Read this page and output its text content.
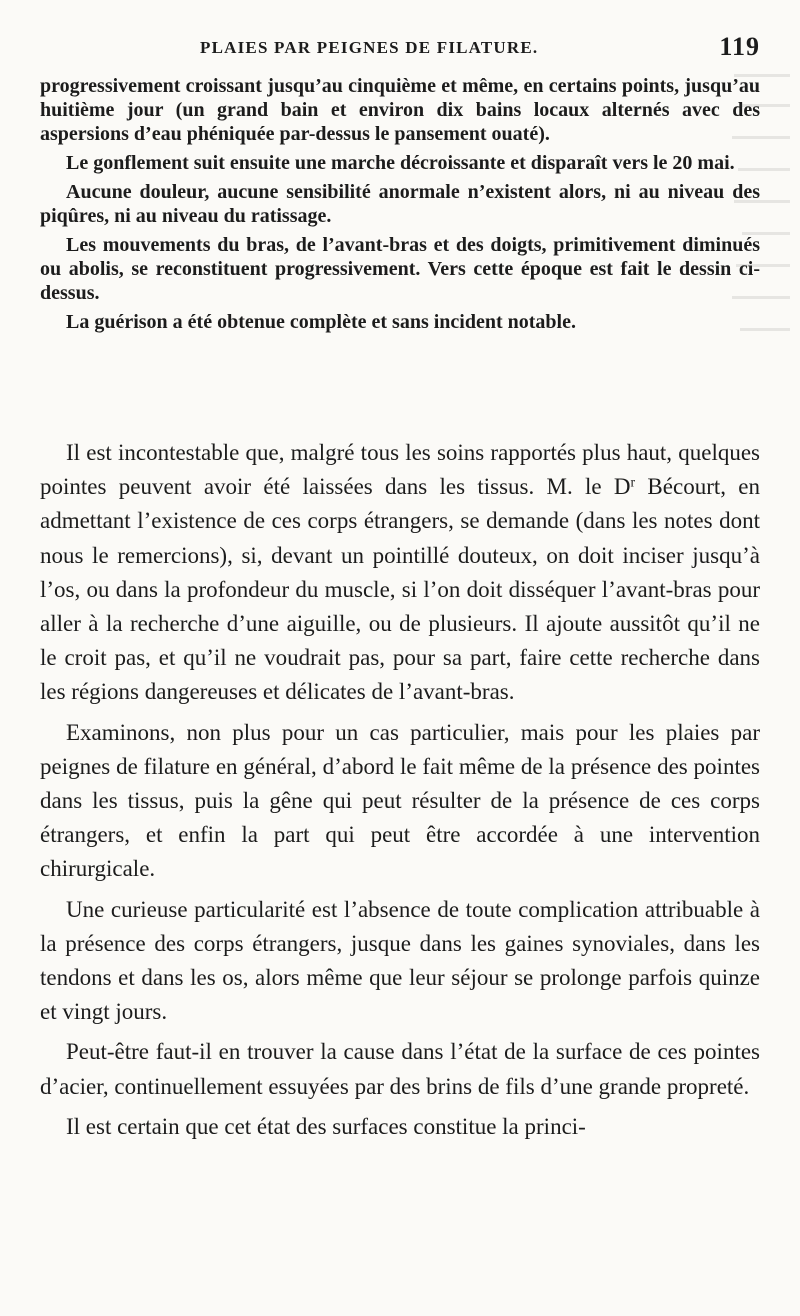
PLAIES PAR PEIGNES DE FILATURE.	119

progressivement croissant jusqu’au cinquième et même, en certains points, jusqu’au huitième jour (un grand bain et environ dix bains locaux alternés avec des aspersions d’eau phéniquée par-dessus le pansement ouaté).

Le gonflement suit ensuite une marche décroissante et disparaît vers le 20 mai.

Aucune douleur, aucune sensibilité anormale n’existent alors, ni au niveau des piqûres, ni au niveau du ratissage.

Les mouvements du bras, de l’avant-bras et des doigts, primitivement diminués ou abolis, se reconstituent progressivement. Vers cette époque est fait le dessin ci-dessus.

La guérison a été obtenue complète et sans incident notable.

Il est incontestable que, malgré tous les soins rapportés plus haut, quelques pointes peuvent avoir été laissées dans les tissus. M. le $D^r$ Bécourt, en admettant l’existence de ces corps étrangers, se demande (dans les notes dont nous le remercions), si, devant un pointillé douteux, on doit inciser jusqu’à l’os, ou dans la profondeur du muscle, si l’on doit disséquer l’avant-bras pour aller à la recherche d’une aiguille, ou de plusieurs. Il ajoute aussitôt qu’il ne le croit pas, et qu’il ne voudrait pas, pour sa part, faire cette recherche dans les régions dangereuses et délicates de l’avant-bras.

Examinons, non plus pour un cas particulier, mais pour les plaies par peignes de filature en général, d’abord le fait même de la présence des pointes dans les tissus, puis la gêne qui peut résulter de la présence de ces corps étrangers, et enfin la part qui peut être accordée à une intervention chirurgicale.

Une curieuse particularité est l’absence de toute complication attribuable à la présence des corps étrangers, jusque dans les gaines synoviales, dans les tendons et dans les os, alors même que leur séjour se prolonge parfois quinze et vingt jours.

Peut-être faut-il en trouver la cause dans l’état de la surface de ces pointes d’acier, continuellement essuyées par des brins de fils d’une grande propreté.

Il est certain que cet état des surfaces constitue la princi-
